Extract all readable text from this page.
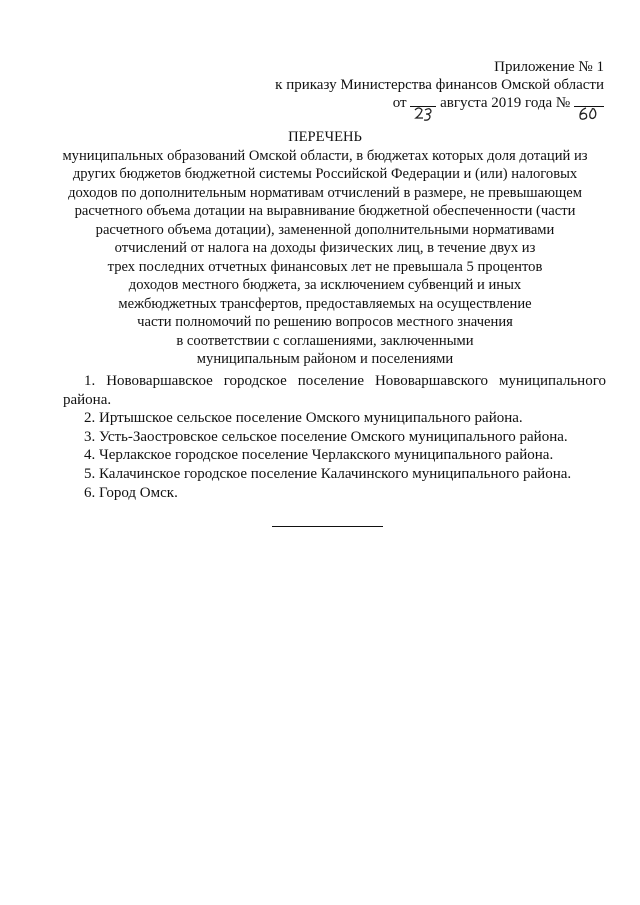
Приложение № 1
к приказу Министерства финансов Омской области
от августа 2019 года №
ПЕРЕЧЕНЬ
муниципальных образований Омской области, в бюджетах которых доля дотаций из
других бюджетов бюджетной системы Российской Федерации и (или) налоговых
доходов по дополнительным нормативам отчислений в размере, не превышающем
расчетного объема дотации на выравнивание бюджетной обеспеченности (части
расчетного объема дотации), замененной дополнительными нормативами
отчислений от налога на доходы физических лиц, в течение двух из
трех последних отчетных финансовых лет не превышала 5 процентов
доходов местного бюджета, за исключением субвенций и иных
межбюджетных трансфертов, предоставляемых на осуществление
части полномочий по решению вопросов местного значения
в соответствии с соглашениями, заключенными
муниципальным районом и поселениями
1. Нововаршавское городское поселение Нововаршавского муниципального района.
2. Иртышское сельское поселение Омского муниципального района.
3. Усть-Заостровское сельское поселение Омского муниципального района.
4. Черлакское городское поселение Черлакского муниципального района.
5. Калачинское городское поселение Калачинского муниципального района.
6. Город Омск.
